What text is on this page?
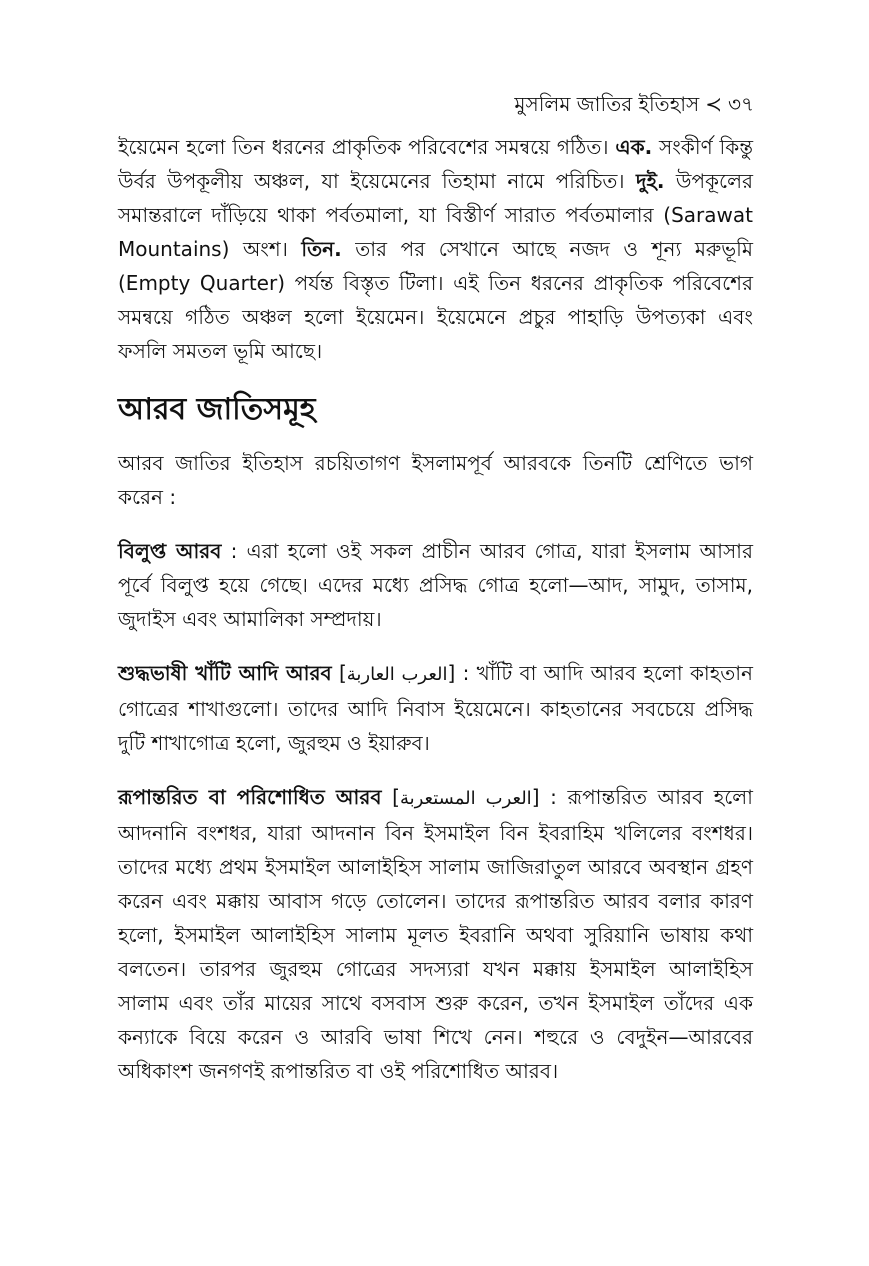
মুসলিম জাতির ইতিহাস ≺ ৩৭

ইয়েমেন হলো তিন ধরনের প্রাকৃতিক পরিবেশের সমন্বয়ে গঠিত। এক. সংকীর্ণ কিন্তু উর্বর উপকূলীয় অঞ্চল, যা ইয়েমেনের তিহামা নামে পরিচিত। দুই. উপকূলের সমান্তরালে দাঁড়িয়ে থাকা পর্বতমালা, যা বিস্তীর্ণ সারাত পর্বতমালার (Sarawat Mountains) অংশ। তিন. তার পর সেখানে আছে নজদ ও শূন্য মরুভূমি (Empty Quarter) পর্যন্ত বিস্তৃত টিলা। এই তিন ধরনের প্রাকৃতিক পরিবেশের সমন্বয়ে গঠিত অঞ্চল হলো ইয়েমেন। ইয়েমেনে প্রচুর পাহাড়ি উপত্যকা এবং ফসলি সমতল ভূমি আছে।

আরব জাতিসমূহ

আরব জাতির ইতিহাস রচয়িতাগণ ইসলামপূর্ব আরবকে তিনটি শ্রেণিতে ভাগ করেন :

বিলুপ্ত আরব : এরা হলো ওই সকল প্রাচীন আরব গোত্র, যারা ইসলাম আসার পূর্বে বিলুপ্ত হয়ে গেছে। এদের মধ্যে প্রসিদ্ধ গোত্র হলো—আদ, সামুদ, তাসাম, জুদাইস এবং আমালিকা সম্প্রদায়।

শুদ্ধভাষী খাঁটি আদি আরব [العرب العاربة] : খাঁটি বা আদি আরব হলো কাহতান গোত্রের শাখাগুলো। তাদের আদি নিবাস ইয়েমেনে। কাহতানের সবচেয়ে প্রসিদ্ধ দুটি শাখাগোত্র হলো, জুরহুম ও ইয়ারুব।

রূপান্তরিত বা পরিশোধিত আরব [العرب المستعربة] : রূপান্তরিত আরব হলো আদনানি বংশধর, যারা আদনান বিন ইসমাইল বিন ইবরাহিম খলিলের বংশধর। তাদের মধ্যে প্রথম ইসমাইল আলাইহিস সালাম জাজিরাতুল আরবে অবস্থান গ্রহণ করেন এবং মক্কায় আবাস গড়ে তোলেন। তাদের রূপান্তরিত আরব বলার কারণ হলো, ইসমাইল আলাইহিস সালাম মূলত ইবরানি অথবা সুরিয়ানি ভাষায় কথা বলতেন। তারপর জুরহুম গোত্রের সদস্যরা যখন মক্কায় ইসমাইল আলাইহিস সালাম এবং তাঁর মায়ের সাথে বসবাস শুরু করেন, তখন ইসমাইল তাঁদের এক কন্যাকে বিয়ে করেন ও আরবি ভাষা শিখে নেন। শহুরে ও বেদুইন—আরবের অধিকাংশ জনগণই রূপান্তরিত বা ওই পরিশোধিত আরব।
